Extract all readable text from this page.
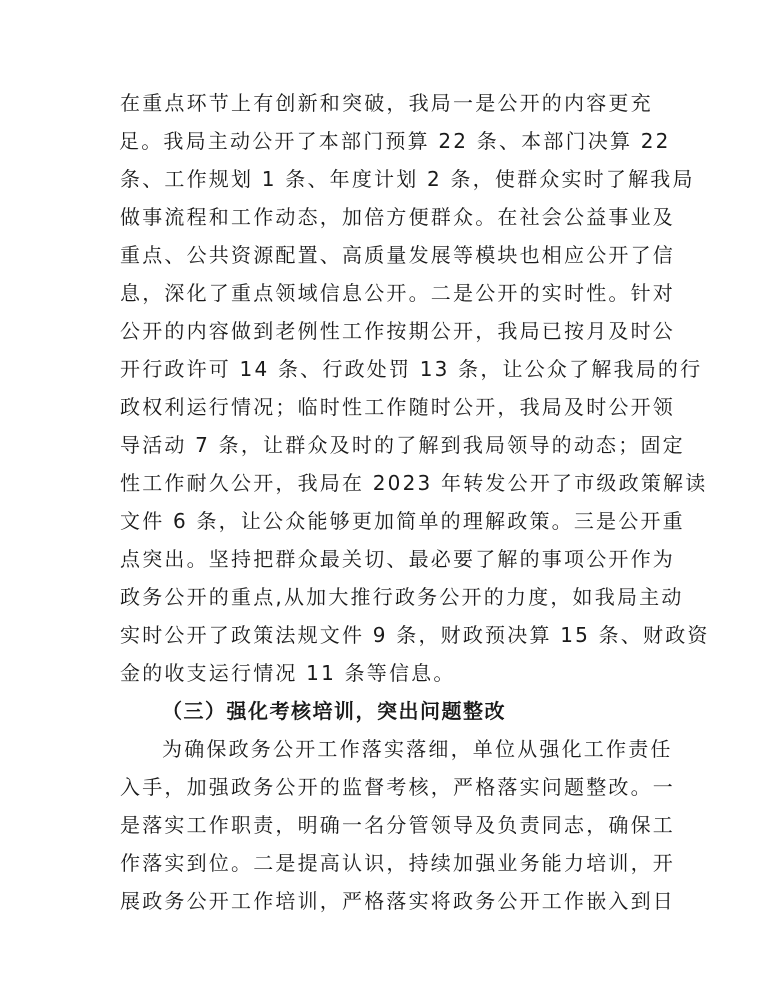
在重点环节上有创新和突破，我局一是公开的内容更充
足。我局主动公开了本部门预算 22 条、本部门决算 22
条、工作规划 1 条、年度计划 2 条，使群众实时了解我局
做事流程和工作动态，加倍方便群众。在社会公益事业及
重点、公共资源配置、高质量发展等模块也相应公开了信
息，深化了重点领域信息公开。二是公开的实时性。针对
公开的内容做到老例性工作按期公开，我局已按月及时公
开行政许可 14 条、行政处罚 13 条，让公众了解我局的行
政权利运行情况；临时性工作随时公开，我局及时公开领
导活动 7 条，让群众及时的了解到我局领导的动态；固定
性工作耐久公开，我局在 2023 年转发公开了市级政策解读
文件 6 条，让公众能够更加简单的理解政策。三是公开重
点突出。坚持把群众最关切、最必要了解的事项公开作为
政务公开的重点,从加大推行政务公开的力度，如我局主动
实时公开了政策法规文件 9 条，财政预决算 15 条、财政资
金的收支运行情况 11 条等信息。
（三）强化考核培训，突出问题整改
为确保政务公开工作落实落细，单位从强化工作责任
入手，加强政务公开的监督考核，严格落实问题整改。一
是落实工作职责，明确一名分管领导及负责同志，确保工
作落实到位。二是提高认识，持续加强业务能力培训，开
展政务公开工作培训，严格落实将政务公开工作嵌入到日
